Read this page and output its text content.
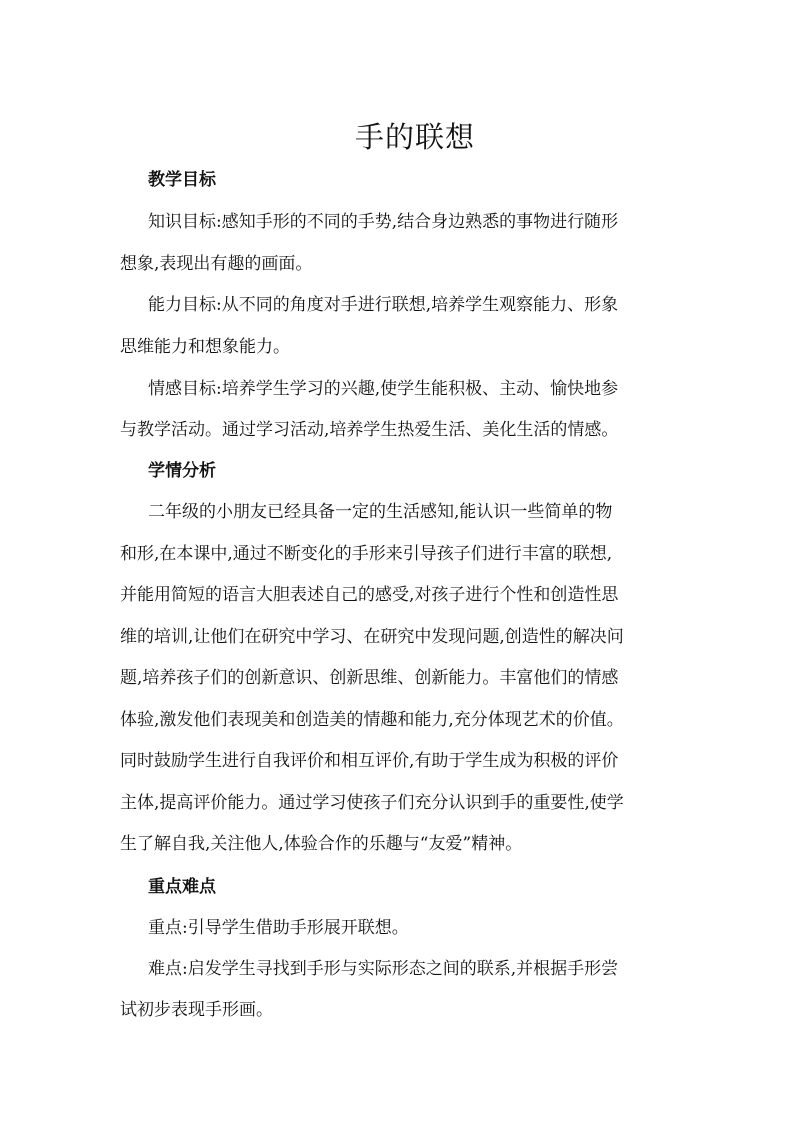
手的联想
教学目标
知识目标:感知手形的不同的手势,结合身边熟悉的事物进行随形
想象,表现出有趣的画面。
能力目标:从不同的角度对手进行联想,培养学生观察能力、形象
思维能力和想象能力。
情感目标:培养学生学习的兴趣,使学生能积极、主动、愉快地参
与教学活动。通过学习活动,培养学生热爱生活、美化生活的情感。
学情分析
二年级的小朋友已经具备一定的生活感知,能认识一些简单的物
和形,在本课中,通过不断变化的手形来引导孩子们进行丰富的联想,
并能用简短的语言大胆表述自己的感受,对孩子进行个性和创造性思
维的培训,让他们在研究中学习、在研究中发现问题,创造性的解决问
题,培养孩子们的创新意识、创新思维、创新能力。丰富他们的情感
体验,激发他们表现美和创造美的情趣和能力,充分体现艺术的价值。
同时鼓励学生进行自我评价和相互评价,有助于学生成为积极的评价
主体,提高评价能力。通过学习使孩子们充分认识到手的重要性,使学
生了解自我,关注他人,体验合作的乐趣与“友爱”精神。
重点难点
重点:引导学生借助手形展开联想。
难点:启发学生寻找到手形与实际形态之间的联系,并根据手形尝
试初步表现手形画。
